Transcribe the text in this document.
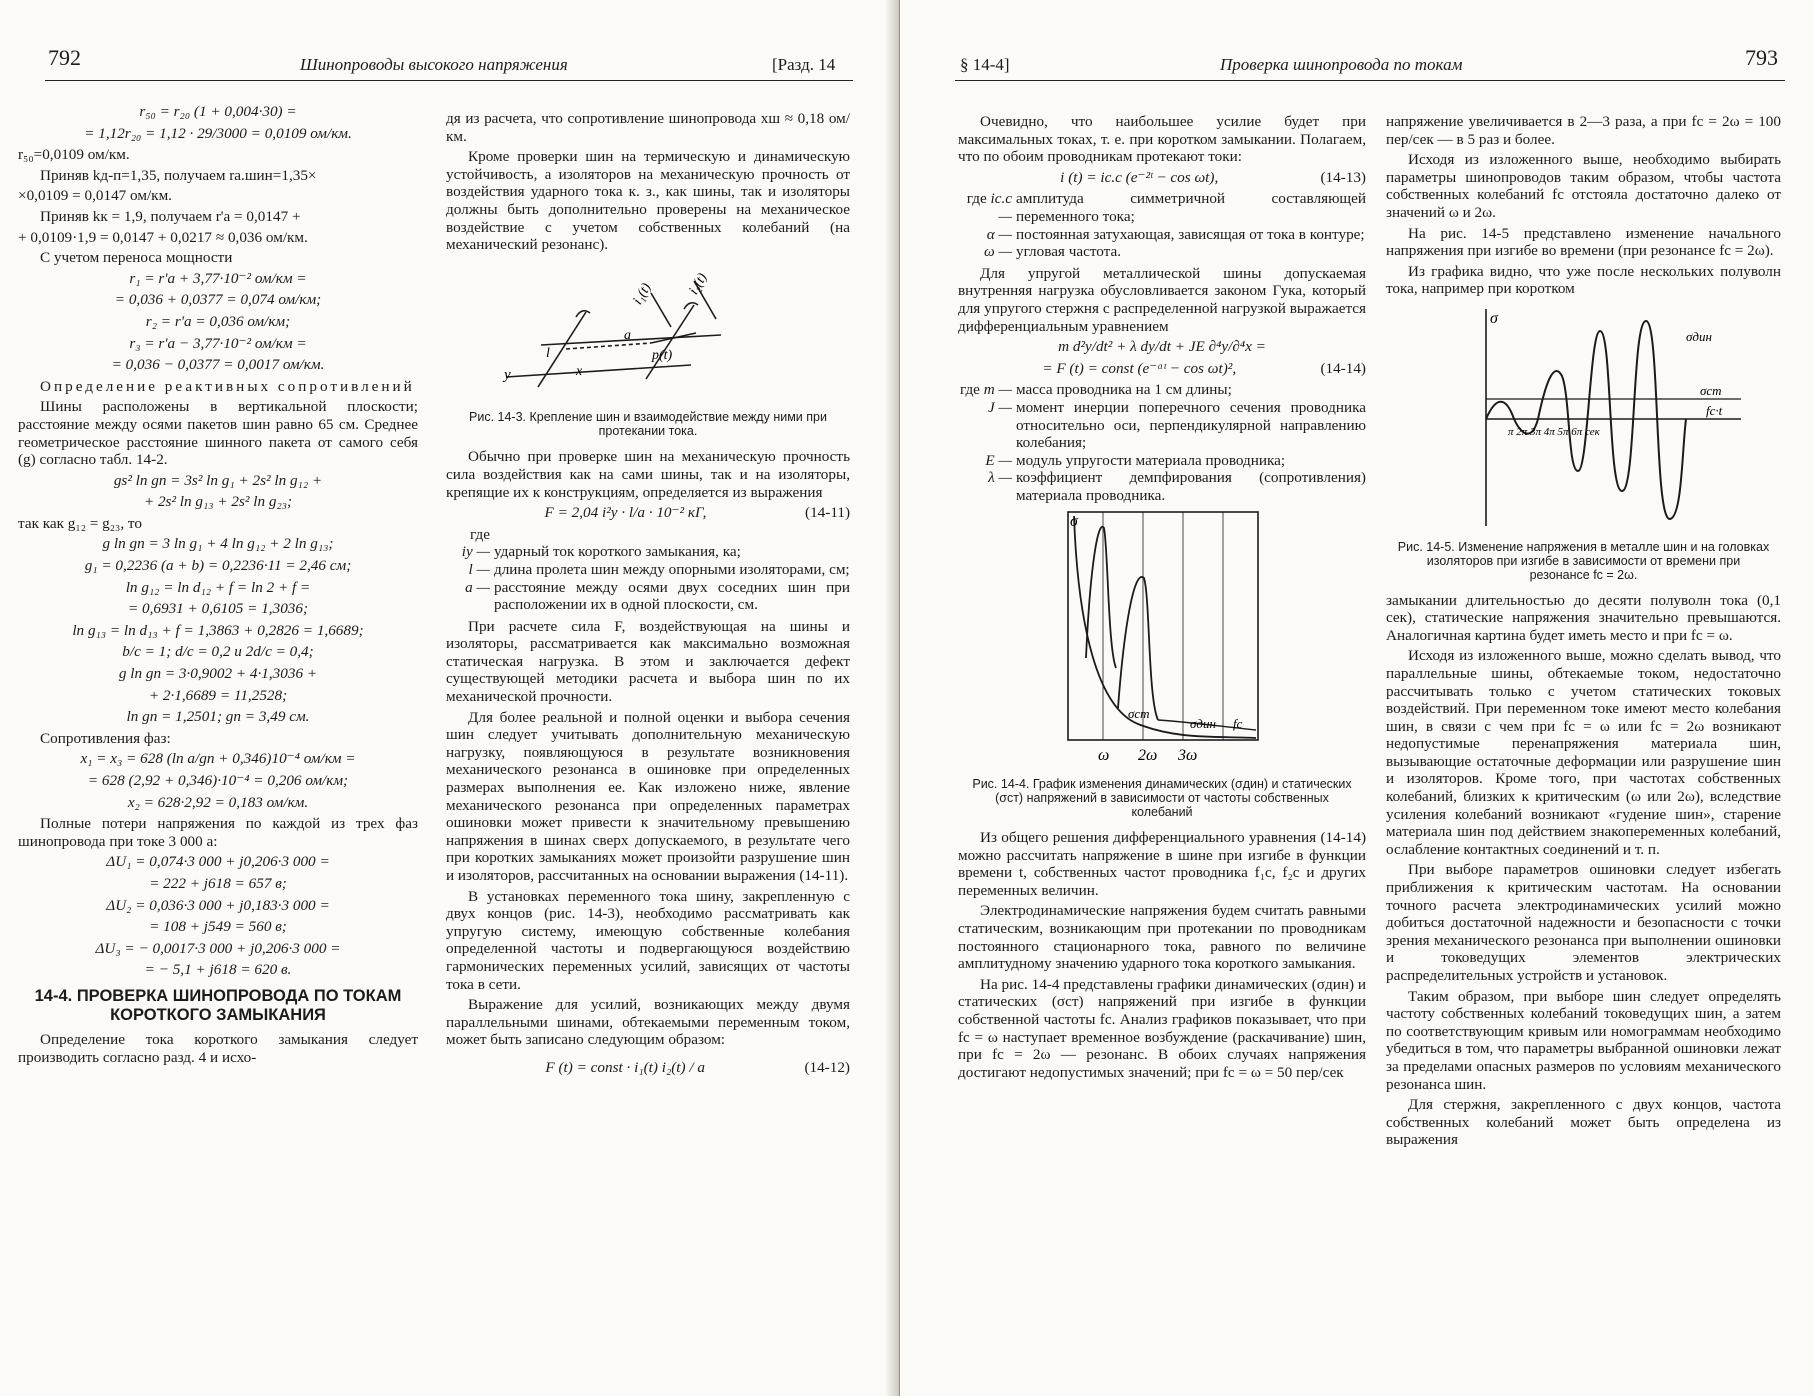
792	Шинопроводы высокого напряжения	[Разд. 14
r₅₀ = r₂₀ (1 + 0,004·30) =
= 1,12r₂₀ = 1,12 · 29/3000 = 0,0109 ом/км.

r₅₀=0,0109 ом/км.

Приняв kд-п=1,35, получаем rа.шин=1,35×

×0,0109 = 0,0147 ом/км.

Приняв kк = 1,9, получаем r'а = 0,0147 +

+ 0,0109·1,9 = 0,0147 + 0,0217 ≈ 0,036 ом/км.

С учетом переноса мощности

r₁ = r'а + 3,77·10⁻² ом/км =
= 0,036 + 0,0377 = 0,074 ом/км;
r₂ = r'а = 0,036 ом/км;
r₃ = r'а − 3,77·10⁻² ом/км =
= 0,036 − 0,0377 = 0,0017 ом/км.

Определение реактивных сопротивлений

Шины расположены в вертикальной плоскости; расстояние между осями пакетов шин равно 65 см. Среднее геометрическое расстояние шинного пакета от самого себя (g) согласно табл. 14-2.

gs² ln gп = 3s² ln g₁ + 2s² ln g₁₂ +
+ 2s² ln g₁₃ + 2s² ln g₂₃;

так как g₁₂ = g₂₃, то

g ln gп = 3 ln g₁ + 4 ln g₁₂ + 2 ln g₁₃;
g₁ = 0,2236 (a + b) = 0,2236·11 = 2,46 см;
ln g₁₂ = ln d₁₂ + f = ln 2 + f =
= 0,6931 + 0,6105 = 1,3036;
ln g₁₃ = ln d₁₃ + f = 1,3863 + 0,2826 = 1,6689;
b/c = 1; d/c = 0,2 и 2d/c = 0,4;
g ln gп = 3·0,9002 + 4·1,3036 +
+ 2·1,6689 = 11,2528;
ln gп = 1,2501; gп = 3,49 см.

Сопротивления фаз:

x₁ = x₃ = 628 (ln a/gп + 0,346)10⁻⁴ ом/км =
= 628 (2,92 + 0,346)·10⁻⁴ = 0,206 ом/км;
x₂ = 628·2,92 = 0,183 ом/км.

Полные потери напряжения по каждой из трех фаз шинопровода при токе 3 000 а:

ΔU₁ = 0,074·3 000 + j0,206·3 000 =
= 222 + j618 = 657 в;
ΔU₂ = 0,036·3 000 + j0,183·3 000 =
= 108 + j549 = 560 в;
ΔU₃ = − 0,0017·3 000 + j0,206·3 000 =
= − 5,1 + j618 = 620 в.
14-4. ПРОВЕРКА ШИНОПРОВОДА ПО ТОКАМ КОРОТКОГО ЗАМЫКАНИЯ

Определение тока короткого замыкания следует производить согласно разд. 4 и исхо-

дя из расчета, что сопротивление шинопровода xш ≈ 0,18 ом/км.

Кроме проверки шин на термическую и динамическую устойчивость, а изоляторов на механическую прочность от воздействия ударного тока к. з., как шины, так и изоляторы должны быть дополнительно проверены на механическое воздействие с учетом собственных колебаний (на механический резонанс).

y
l
x
a
p(t)
i₁(t) i₂(t)
Рис. 14-3. Крепление шин и взаимодействие между ними при протекании тока.

Обычно при проверке шин на механическую прочность сила воздействия как на сами шины, так и на изоляторы, крепящие их к конструкциям, определяется из выражения

F = 2,04 i²у · l/a · 10⁻² кГ,	(14-11)
где
iу — ударный ток короткого замыкания, ка;
l — длина пролета шин между опорными изоляторами, см;
a — расстояние между осями двух соседних шин при расположении их в одной плоскости, см.

При расчете сила F, воздействующая на шины и изоляторы, рассматривается как максимально возможная статическая нагрузка. В этом и заключается дефект существующей методики расчета и выбора шин по их механической прочности.

Для более реальной и полной оценки и выбора сечения шин следует учитывать дополнительную механическую нагрузку, появляющуюся в результате возникновения механического резонанса в ошиновке при определенных размерах выполнения ее. Как изложено ниже, явление механического резонанса при определенных параметрах ошиновки может привести к значительному превышению напряжения в шинах сверх допускаемого, в результате чего при коротких замыканиях может произойти разрушение шин и изоляторов, рассчитанных на основании выражения (14-11).

В установках переменного тока шину, закрепленную с двух концов (рис. 14-3), необходимо рассматривать как упругую систему, имеющую собственные колебания определенной частоты и подвергающуюся воздействию гармонических переменных усилий, зависящих от частоты тока в сети.

Выражение для усилий, возникающих между двумя параллельными шинами, обтекаемыми переменным током, может быть записано следующим образом:

F (t) = const · i₁(t) i₂(t) / a	(14-12)
§ 14-4]	Проверка шинопровода по токам	793

Очевидно, что наибольшее усилие будет при максимальных токах, т. е. при коротком замыкании. Полагаем, что по обоим проводникам протекают токи:

i (t) = ic.c (e⁻²ᵗ − cos ωt),	(14-13)
где ic.c —
амплитуда симметричной составляющей переменного тока;
α — постоянная затухающая, зависящая от тока в контуре;
ω — угловая частота.

Для упругой металлической шины допускаемая внутренняя нагрузка обусловливается законом Гука, который для упругого стержня с распределенной нагрузкой выражается дифференциальным уравнением

m d²y/dt² + λ dy/dt + JE ∂⁴y/∂⁴x =
= F (t) = const (e⁻ᵅᵗ − cos ωt)²,	(14-14)
где m — масса проводника на 1 см длины;
J — момент инерции поперечного сечения проводника относительно оси, перпендикулярной направлению колебания;
E — модуль упругости материала проводника;
λ — коэффициент демпфирования (сопротивления) материала проводника.
σ
σст
σдин fc
ω 2ω 3ω
Рис. 14-4. График изменения динамических (σдин) и статических (σст) напряжений в зависимости от частоты собственных колебаний

Из общего решения дифференциального уравнения (14-14) можно рассчитать напряжение в шине при изгибе в функции времени t, собственных частот проводника f₁c, f₂c и других переменных величин.

Электродинамические напряжения будем считать равными статическим, возникающим при протекании по проводникам постоянного стационарного тока, равного по величине амплитудному значению ударного тока короткого замыкания.

На рис. 14-4 представлены графики динамических (σдин) и статических (σст) напряжений при изгибе в функции собственной частоты fc. Анализ графиков показывает, что при fc = ω наступает временное возбуждение (раскачивание) шин, при fc = 2ω — резонанс. В обоих случаях напряжения достигают недопустимых значений; при fc = ω = 50 пер/сек

напряжение увеличивается в 2—3 раза, а при fc = 2ω = 100 пер/сек — в 5 раз и более.

Исходя из изложенного выше, необходимо выбирать параметры шинопроводов таким образом, чтобы частота собственных колебаний fc отстояла достаточно далеко от значений ω и 2ω.

На рис. 14-5 представлено изменение начального напряжения при изгибе во времени (при резонансе fc = 2ω).

Из графика видно, что уже после нескольких полуволн тока, например при коротком

σ
σдин
σст
fc·t
π 2π 3π 4π 5π 6π сек
Рис. 14-5. Изменение напряжения в металле шин и на головках изоляторов при изгибе в зависимости от времени при резонансе fc = 2ω.

замыкании длительностью до десяти полуволн тока (0,1 сек), статические напряжения значительно превышаются. Аналогичная картина будет иметь место и при fc = ω.

Исходя из изложенного выше, можно сделать вывод, что параллельные шины, обтекаемые током, недостаточно рассчитывать только с учетом статических токовых воздействий. При переменном токе имеют место колебания шин, в связи с чем при fc = ω или fc = 2ω возникают недопустимые перенапряжения материала шин, вызывающие остаточные деформации или разрушение шин и изоляторов. Кроме того, при частотах собственных колебаний, близких к критическим (ω или 2ω), вследствие усиления колебаний возникают «гудение шин», старение материала шин под действием знакопеременных колебаний, ослабление контактных соединений и т. п.

При выборе параметров ошиновки следует избегать приближения к критическим частотам. На основании точного расчета электродинамических усилий можно добиться достаточной надежности и безопасности с точки зрения механического резонанса при выполнении ошиновки и токоведущих элементов электрических распределительных устройств и установок.

Таким образом, при выборе шин следует определять частоту собственных колебаний токоведущих шин, а затем по соответствующим кривым или номограммам необходимо убедиться в том, что параметры выбранной ошиновки лежат за пределами опасных размеров по условиям механического резонанса шин.

Для стержня, закрепленного с двух концов, частота собственных колебаний может быть определена из выражения
